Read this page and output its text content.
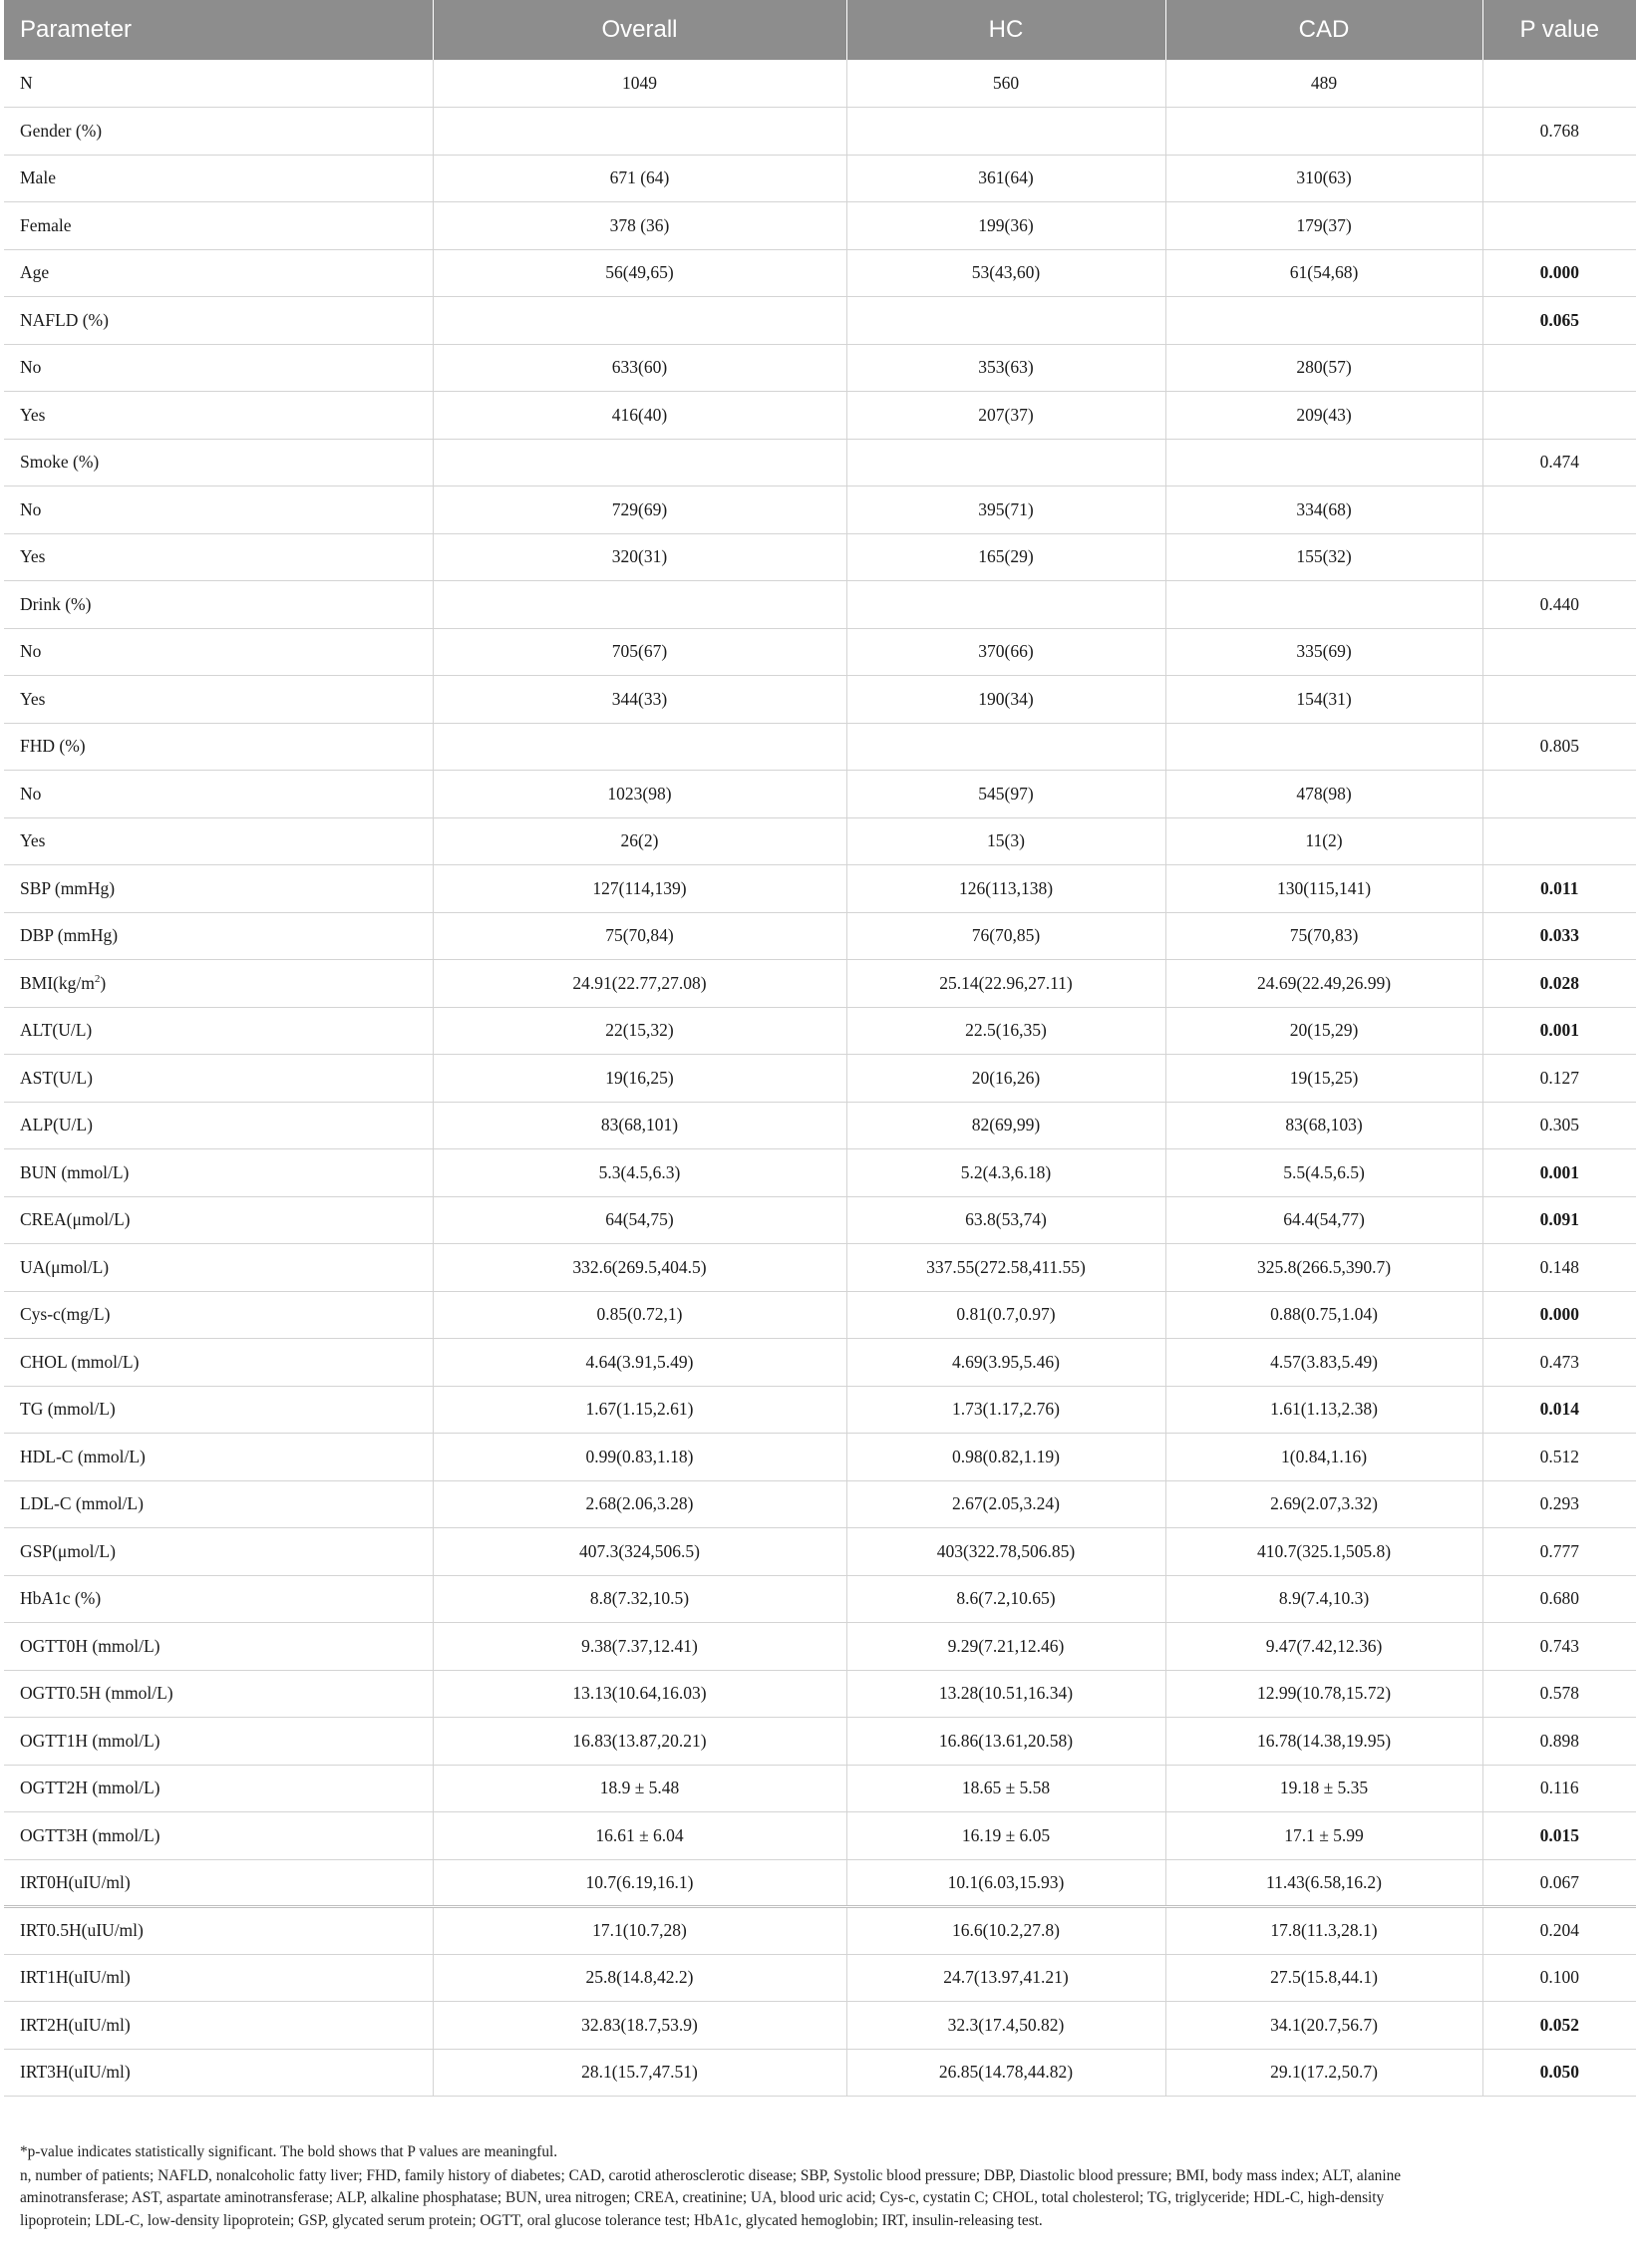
Parameter	Overall	HC	CAD	P value
N	1049	560	489	
Gender (%)				0.768
Male	671 (64)	361(64)	310(63)	
Female	378 (36)	199(36)	179(37)	
Age	56(49,65)	53(43,60)	61(54,68)	0.000
NAFLD (%)				0.065
No	633(60)	353(63)	280(57)	
Yes	416(40)	207(37)	209(43)	
Smoke (%)				0.474
No	729(69)	395(71)	334(68)	
Yes	320(31)	165(29)	155(32)	
Drink (%)				0.440
No	705(67)	370(66)	335(69)	
Yes	344(33)	190(34)	154(31)	
FHD (%)				0.805
No	1023(98)	545(97)	478(98)	
Yes	26(2)	15(3)	11(2)	
SBP (mmHg)	127(114,139)	126(113,138)	130(115,141)	0.011
DBP (mmHg)	75(70,84)	76(70,85)	75(70,83)	0.033
$BMI(kg/m^2)$	24.91(22.77,27.08)	25.14(22.96,27.11)	24.69(22.49,26.99)	0.028
ALT(U/L)	22(15,32)	22.5(16,35)	20(15,29)	0.001
AST(U/L)	19(16,25)	20(16,26)	19(15,25)	0.127
ALP(U/L)	83(68,101)	82(69,99)	83(68,103)	0.305
BUN (mmol/L)	5.3(4.5,6.3)	5.2(4.3,6.18)	5.5(4.5,6.5)	0.001
CREA(μmol/L)	64(54,75)	63.8(53,74)	64.4(54,77)	0.091
UA(μmol/L)	332.6(269.5,404.5)	337.55(272.58,411.55)	325.8(266.5,390.7)	0.148
Cys-c(mg/L)	0.85(0.72,1)	0.81(0.7,0.97)	0.88(0.75,1.04)	0.000
CHOL (mmol/L)	4.64(3.91,5.49)	4.69(3.95,5.46)	4.57(3.83,5.49)	0.473
TG (mmol/L)	1.67(1.15,2.61)	1.73(1.17,2.76)	1.61(1.13,2.38)	0.014
HDL-C (mmol/L)	0.99(0.83,1.18)	0.98(0.82,1.19)	1(0.84,1.16)	0.512
LDL-C (mmol/L)	2.68(2.06,3.28)	2.67(2.05,3.24)	2.69(2.07,3.32)	0.293
GSP(μmol/L)	407.3(324,506.5)	403(322.78,506.85)	410.7(325.1,505.8)	0.777
HbA1c (%)	8.8(7.32,10.5)	8.6(7.2,10.65)	8.9(7.4,10.3)	0.680
OGTT0H (mmol/L)	9.38(7.37,12.41)	9.29(7.21,12.46)	9.47(7.42,12.36)	0.743
OGTT0.5H (mmol/L)	13.13(10.64,16.03)	13.28(10.51,16.34)	12.99(10.78,15.72)	0.578
OGTT1H (mmol/L)	16.83(13.87,20.21)	16.86(13.61,20.58)	16.78(14.38,19.95)	0.898
OGTT2H (mmol/L)	18.9 ± 5.48	18.65 ± 5.58	19.18 ± 5.35	0.116
OGTT3H (mmol/L)	16.61 ± 6.04	16.19 ± 6.05	17.1 ± 5.99	0.015
IRT0H(uIU/ml)	10.7(6.19,16.1)	10.1(6.03,15.93)	11.43(6.58,16.2)	0.067
IRT0.5H(uIU/ml)	17.1(10.7,28)	16.6(10.2,27.8)	17.8(11.3,28.1)	0.204
IRT1H(uIU/ml)	25.8(14.8,42.2)	24.7(13.97,41.21)	27.5(15.8,44.1)	0.100
IRT2H(uIU/ml)	32.83(18.7,53.9)	32.3(17.4,50.82)	34.1(20.7,56.7)	0.052
IRT3H(uIU/ml)	28.1(15.7,47.51)	26.85(14.78,44.82)	29.1(17.2,50.7)	0.050

*p-value indicates statistically significant. The bold shows that P values are meaningful.

n, number of patients; NAFLD, nonalcoholic fatty liver; FHD, family history of diabetes; CAD, carotid atherosclerotic disease; SBP, Systolic blood pressure; DBP, Diastolic blood pressure; BMI, body mass index; ALT, alanine aminotransferase; AST, aspartate aminotransferase; ALP, alkaline phosphatase; BUN, urea nitrogen; CREA, creatinine; UA, blood uric acid; Cys-c, cystatin C; CHOL, total cholesterol; TG, triglyceride; HDL-C, high-density lipoprotein; LDL-C, low-density lipoprotein; GSP, glycated serum protein; OGTT, oral glucose tolerance test; HbA1c, glycated hemoglobin; IRT, insulin-releasing test.
